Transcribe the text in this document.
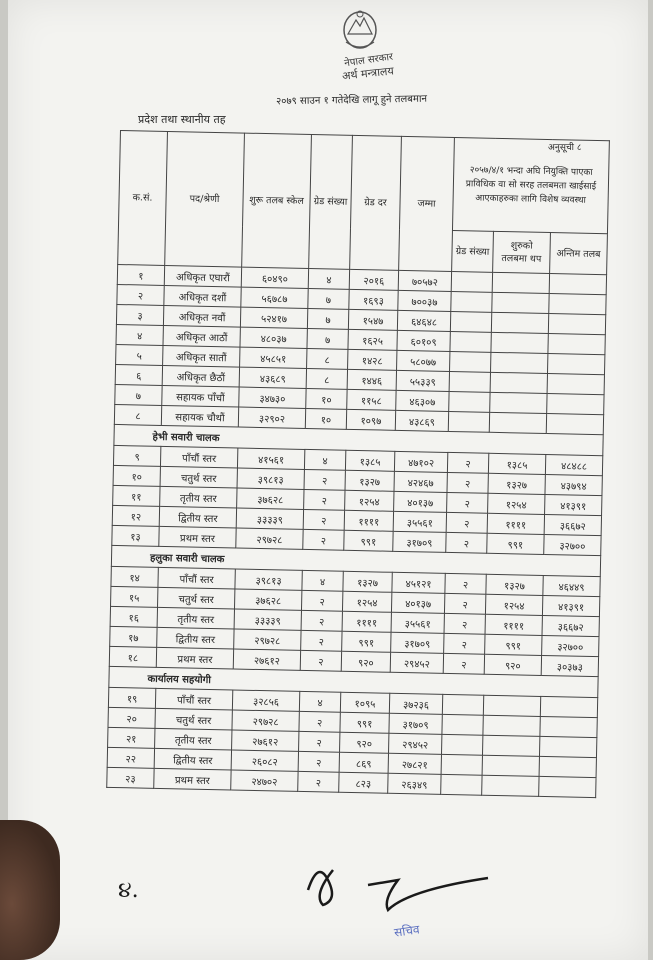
नेपाल सरकार
अर्थ मन्त्रालय
२०७९ साउन १ गतेदेखि लागू हुने तलबमान
प्रदेश तथा स्थानीय तह
अनुसूची ८
क.सं.	पद/श्रेणी	शुरू तलब स्केल	ग्रेड संख्या	ग्रेड दर	जम्मा	२०५७/४/१ भन्दा अघि नियुक्ति पाएका प्राविधिक वा सो सरह तलबमता खाईसाई आएकाहरुका लागि विशेष व्यवस्था		
						ग्रेड संख्या	शुरुको तलबमा थप	अन्तिम तलब
१	अधिकृत एघारौं	६०४९०	४	२०१६	७०५७२			
२	अधिकृत दशौं	५६७८७	७	१६९३	७००३७			
३	अधिकृत नवौं	५२४१७	७	१५४७	६४६४८			
४	अधिकृत आठौं	४८०३७	७	१६२५	६०१०९			
५	अधिकृत सातौं	४५८५१	८	१४२८	५८०७७			
६	अधिकृत छैठौं	४३६८९	८	१४४६	५५३३९			
७	सहायक पाँचौं	३४७३०	१०	११५८	४६३०७			
८	सहायक चौथौं	३२९०२	१०	१०९७	४३८६९			
हेभी सवारी चालक								
९	पाँचौं स्तर	४१५६१	४	१३८५	४७१०२	२	१३८५	४८४८८
१०	चतुर्थ स्तर	३९८१३	२	१३२७	४२४६७	२	१३२७	४३७९४
११	तृतीय स्तर	३७६२८	२	१२५४	४०१३७	२	१२५४	४१३९१
१२	द्वितीय स्तर	३३३३९	२	११११	३५५६१	२	११११	३६६७२
१३	प्रथम स्तर	२९७२८	२	९९१	३१७०९	२	९९१	३२७००
हलुका सवारी चालक								
१४	पाँचौं स्तर	३९८१३	४	१३२७	४५१२१	२	१३२७	४६४४९
१५	चतुर्थ स्तर	३७६२८	२	१२५४	४०१३७	२	१२५४	४१३९१
१६	तृतीय स्तर	३३३३९	२	११११	३५५६१	२	११११	३६६७२
१७	द्वितीय स्तर	२९७२८	२	९९१	३१७०९	२	९९१	३२७००
१८	प्रथम स्तर	२७६१२	२	९२०	२९४५२	२	९२०	३०३७३
कार्यालय सहयोगी								
१९	पाँचौं स्तर	३२८५६	४	१०९५	३७२३६			
२०	चतुर्थ स्तर	२९७२८	२	९९१	३१७०९			
२१	तृतीय स्तर	२७६१२	२	९२०	२९४५२			
२२	द्वितीय स्तर	२६०८२	२	८६९	२७८२१			
२३	प्रथम स्तर	२४७०२	२	८२३	२६३४९			
૪.
सचिव
